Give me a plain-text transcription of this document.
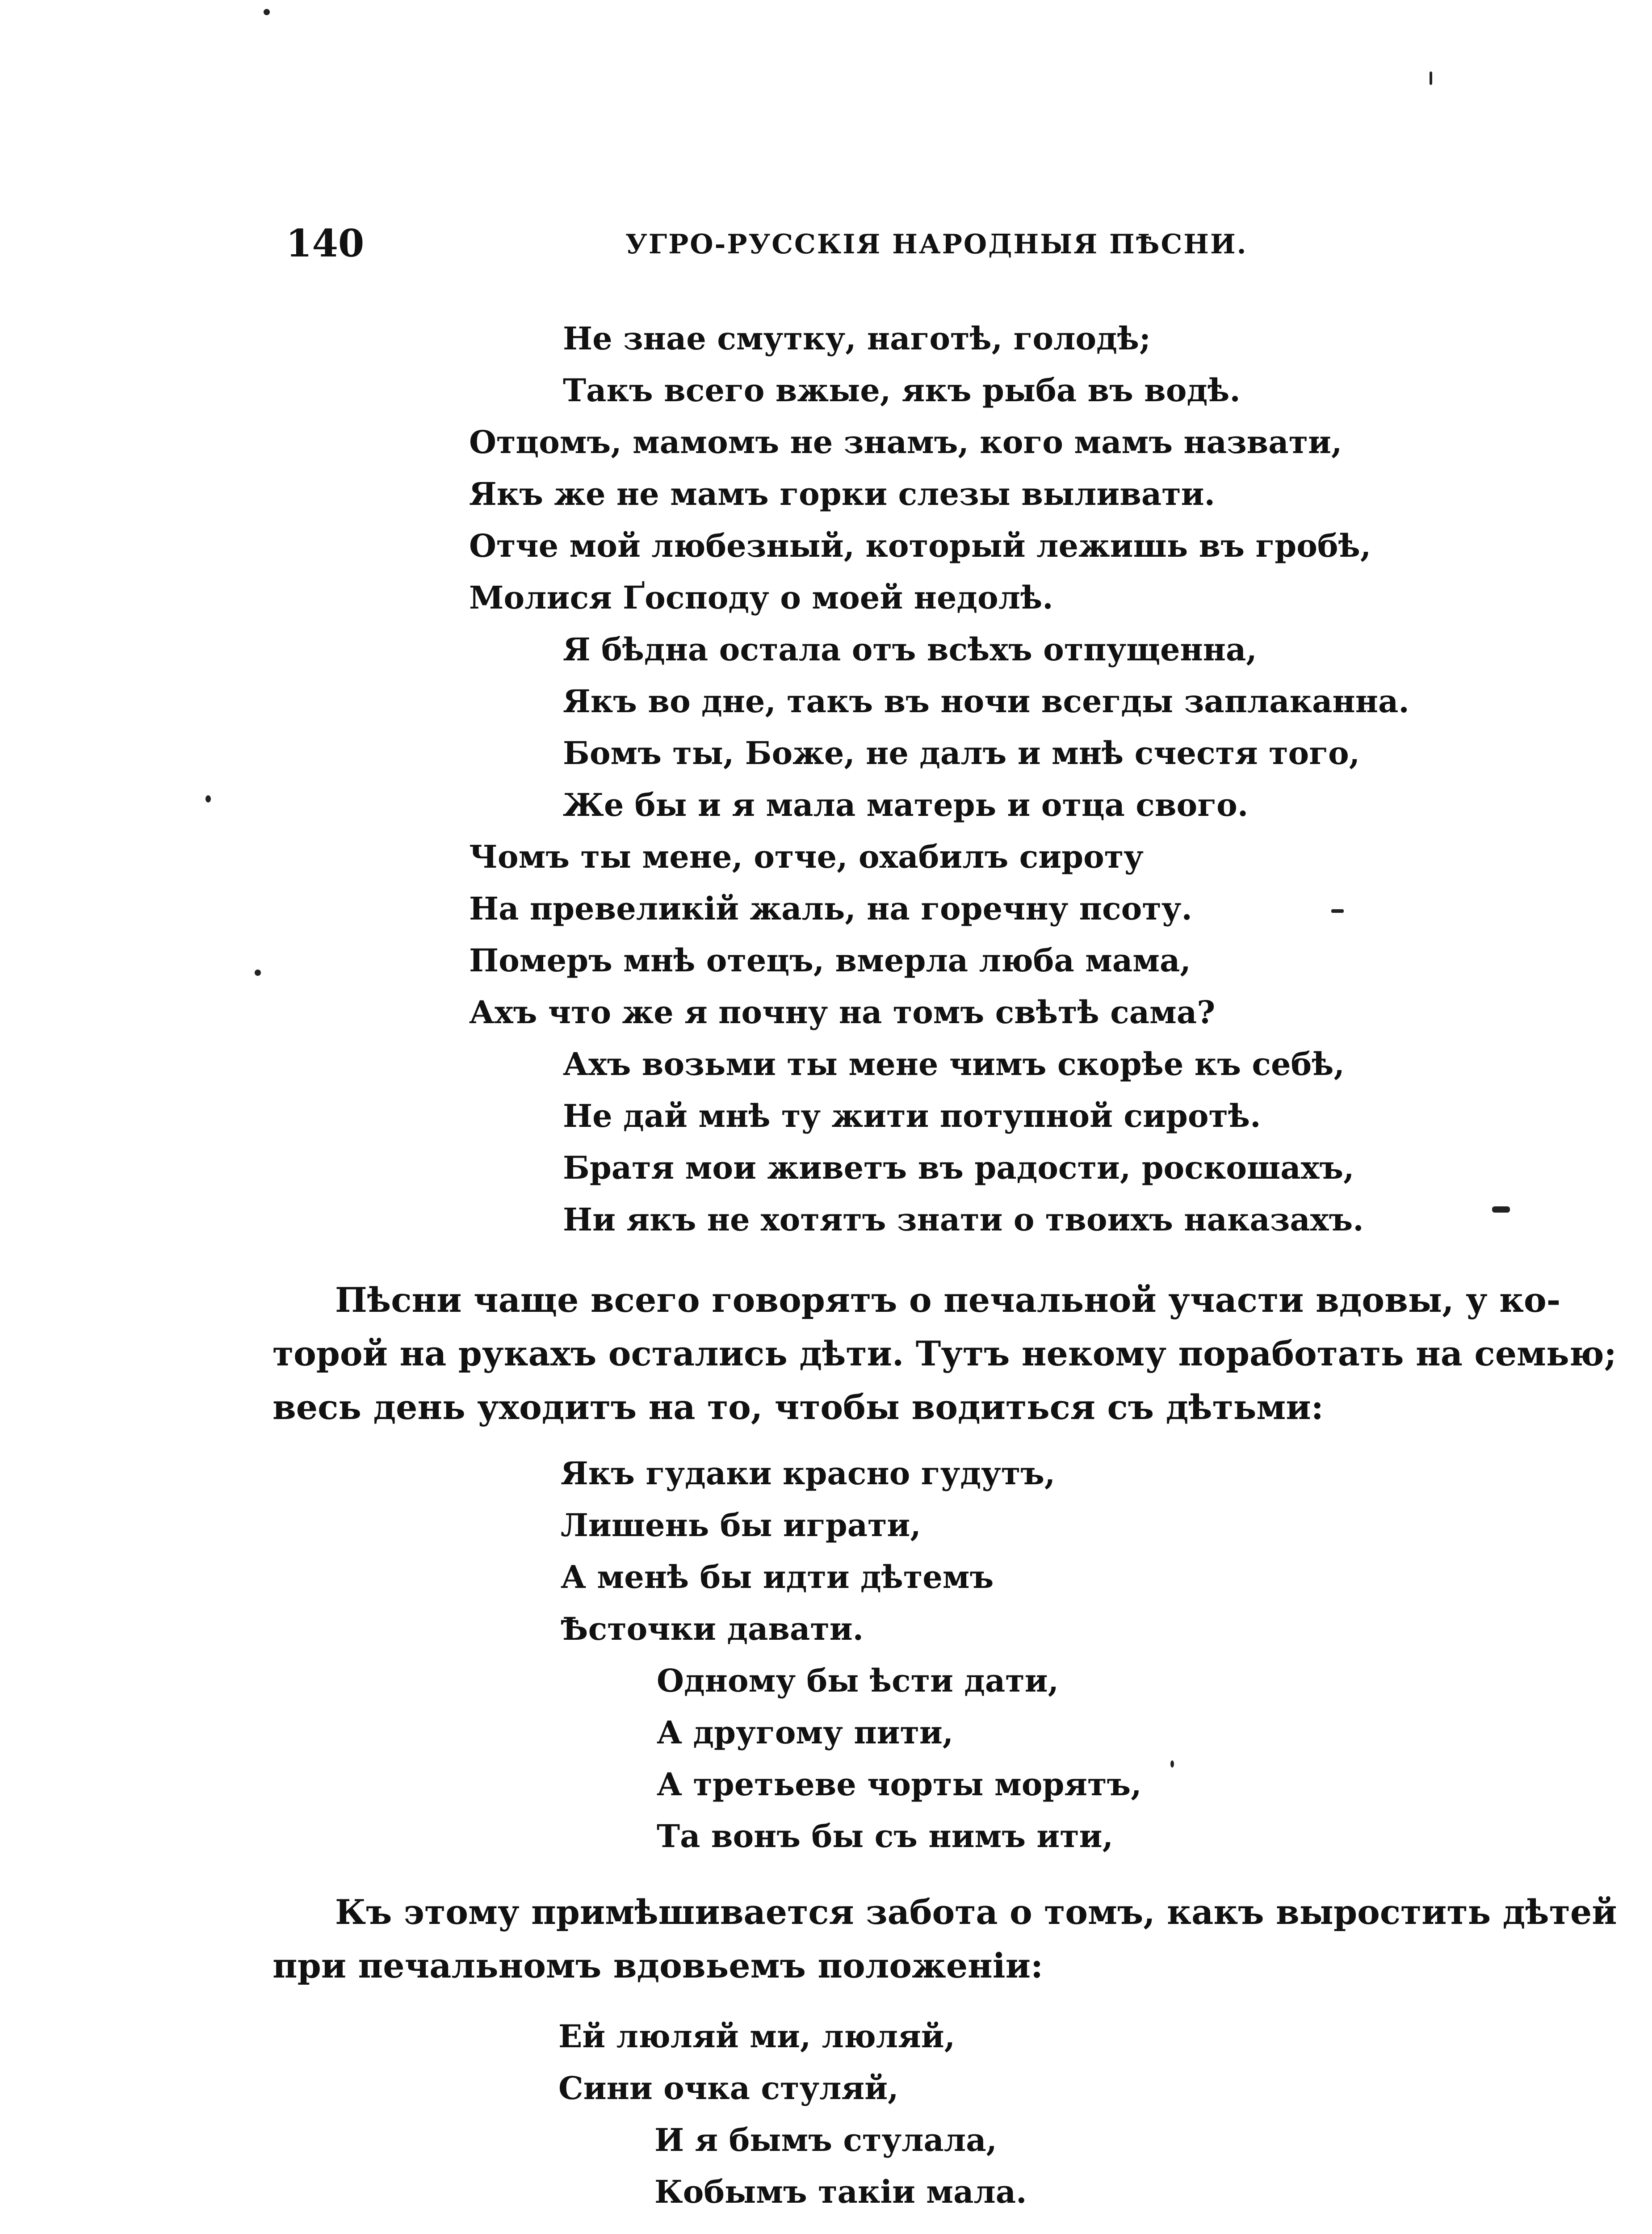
140	УГРО-РУССКІЯ НАРОДНЫЯ ПѢСНИ.
Не знае смутку, наготѣ, голодѣ;
Такъ всего вжые, якъ рыба въ водѣ.
Отцомъ, мамомъ не знамъ, кого мамъ назвати,
Якъ же не мамъ горки слезы выливати.
Отче мой любезный, который лежишь въ гробѣ,
Молися Ґосподу о моей недолѣ.
Я бѣдна остала отъ всѣхъ отпущенна,
Якъ во дне, такъ въ ночи всегды заплаканна.
Бомъ ты, Боже, не далъ и мнѣ счестя того,
Же бы и я мала матерь и отца свого.
Чомъ ты мене, отче, охабилъ сироту
На превеликій жаль, на горечну псоту.
Померъ мнѣ отецъ, вмерла люба мама,
Ахъ что же я почну на томъ свѣтѣ сама?
Ахъ возьми ты мене чимъ скорѣе къ себѣ,
Не дай мнѣ ту жити потупной сиротѣ.
Братя мои живетъ въ радости, роскошахъ,
Ни якъ не хотятъ знати о твоихъ наказахъ.
Пѣсни чаще всего говорятъ о печальной участи вдовы, у ко-
торой на рукахъ остались дѣти. Тутъ некому поработать на семью;
весь день уходитъ на то, чтобы водиться съ дѣтьми:
Якъ гудаки красно гудутъ,
Лишень бы играти,
А менѣ бы идти дѣтемъ
Ѣсточки давати.
Одному бы ѣсти дати,
А другому пити,
А третьеве чорты морятъ,
Та вонъ бы съ нимъ ити,
Къ этому примѣшивается забота о томъ, какъ выростить дѣтей
при печальномъ вдовьемъ положеніи:
Ей люляй ми, люляй,
Сини очка стуляй,
И я бымъ стулала,
Кобымъ такіи мала.
